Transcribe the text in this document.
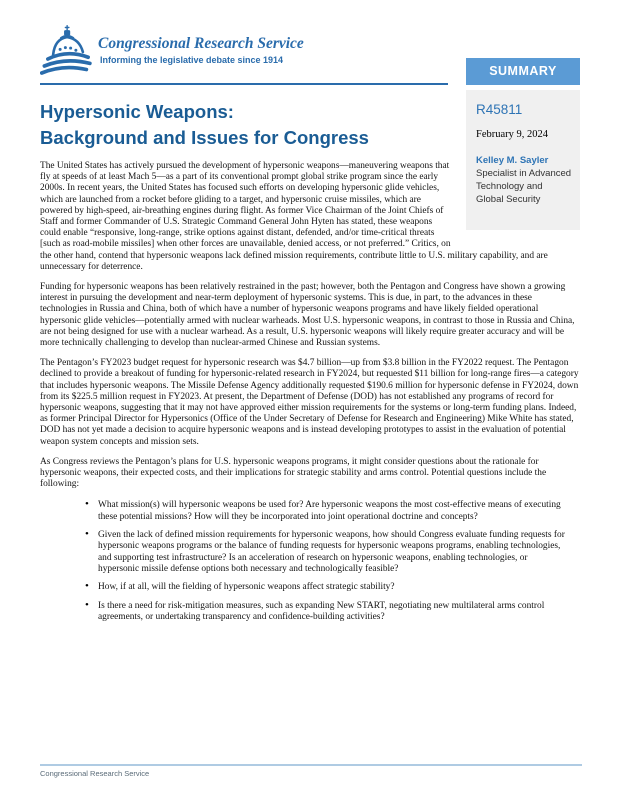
SUMMARY
R45811
February 9, 2024
Kelley M. Sayler
Specialist in Advanced Technology and Global Security
Congressional Research Service
Informing the legislative debate since 1914
Hypersonic Weapons:
Background and Issues for Congress

The United States has actively pursued the development of hypersonic weapons—maneuvering weapons that fly at speeds of at least Mach 5—as a part of its conventional prompt global strike program since the early 2000s. In recent years, the United States has focused such efforts on developing hypersonic glide vehicles, which are launched from a rocket before gliding to a target, and hypersonic cruise missiles, which are powered by high-speed, air-breathing engines during flight. As former Vice Chairman of the Joint Chiefs of Staff and former Commander of U.S. Strategic Command General John Hyten has stated, these weapons could enable “responsive, long-range, strike options against distant, defended, and/or time-critical threats [such as road-mobile missiles] when other forces are unavailable, denied access, or not preferred.” Critics, on the other hand, contend that hypersonic weapons lack defined mission requirements, contribute little to U.S. military capability, and are unnecessary for deterrence.

Funding for hypersonic weapons has been relatively restrained in the past; however, both the Pentagon and Congress have shown a growing interest in pursuing the development and near-term deployment of hypersonic systems. This is due, in part, to the advances in these technologies in Russia and China, both of which have a number of hypersonic weapons programs and have likely fielded operational hypersonic glide vehicles—potentially armed with nuclear warheads. Most U.S. hypersonic weapons, in contrast to those in Russia and China, are not being designed for use with a nuclear warhead. As a result, U.S. hypersonic weapons will likely require greater accuracy and will be more technically challenging to develop than nuclear-armed Chinese and Russian systems.

The Pentagon’s FY2023 budget request for hypersonic research was $4.7 billion—up from $3.8 billion in the FY2022 request. The Pentagon declined to provide a breakout of funding for hypersonic-related research in FY2024, but requested $11 billion for long-range fires—a category that includes hypersonic weapons. The Missile Defense Agency additionally requested $190.6 million for hypersonic defense in FY2024, down from its $225.5 million request in FY2023. At present, the Department of Defense (DOD) has not established any programs of record for hypersonic weapons, suggesting that it may not have approved either mission requirements for the systems or long-term funding plans. Indeed, as former Principal Director for Hypersonics (Office of the Under Secretary of Defense for Research and Engineering) Mike White has stated, DOD has not yet made a decision to acquire hypersonic weapons and is instead developing prototypes to assist in the evaluation of potential weapon system concepts and mission sets.

As Congress reviews the Pentagon’s plans for U.S. hypersonic weapons programs, it might consider questions about the rationale for hypersonic weapons, their expected costs, and their implications for strategic stability and arms control. Potential questions include the following:

• What mission(s) will hypersonic weapons be used for? Are hypersonic weapons the most cost-effective means of executing these potential missions? How will they be incorporated into joint operational doctrine and concepts?
• Given the lack of defined mission requirements for hypersonic weapons, how should Congress evaluate funding requests for hypersonic weapons programs or the balance of funding requests for hypersonic weapons programs, enabling technologies, and supporting test infrastructure? Is an acceleration of research on hypersonic weapons, enabling technologies, or hypersonic missile defense options both necessary and technologically feasible?
• How, if at all, will the fielding of hypersonic weapons affect strategic stability?
• Is there a need for risk-mitigation measures, such as expanding New START, negotiating new multilateral arms control agreements, or undertaking transparency and confidence-building activities?
Congressional Research Service
